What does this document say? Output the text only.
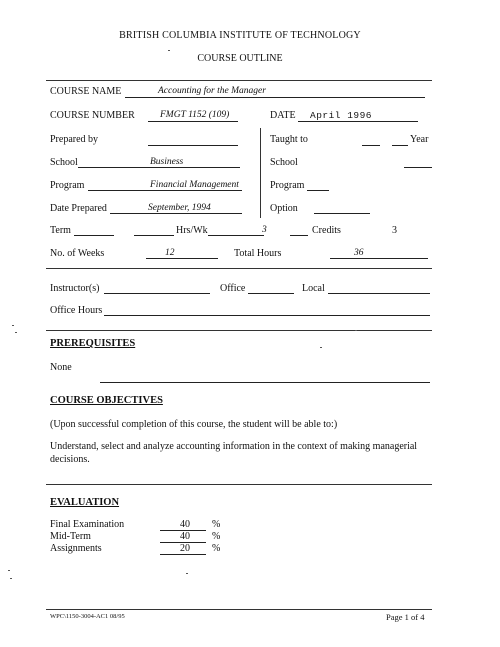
BRITISH COLUMBIA INSTITUTE OF TECHNOLOGY
COURSE OUTLINE
COURSE NAME	Accounting for the Manager
COURSE NUMBER	FMGT 1152 (109)	DATE April 1996
Prepared by
School	Business
Program	Financial Management
Date Prepared	September, 1994
Taught to	Year
School
Program
Option
Term	Hrs/Wk	3	Credits	3
No. of Weeks	12	Total Hours	36
Instructor(s)	Office	Local
Office Hours
PREREQUISITES
None
COURSE OBJECTIVES
(Upon successful completion of this course, the student will be able to:)
Understand, select and analyze accounting information in the context of making managerial
decisions.
EVALUATION
Final Examination	40 %
Mid-Term	40 %
Assignments	20 %
WPC\1150-3004-AC1 08/95	Page 1 of 4
